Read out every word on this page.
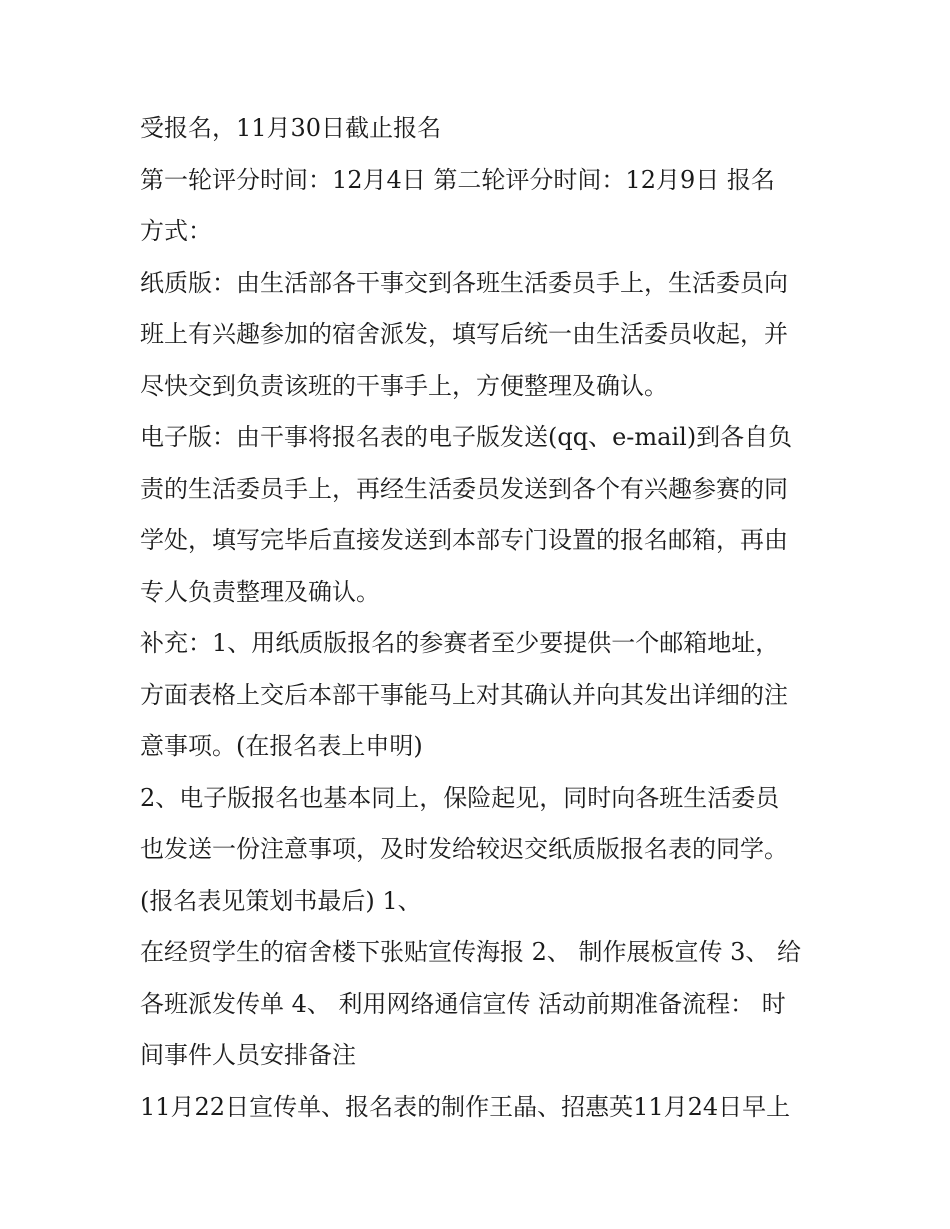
受报名，11月30日截止报名
第一轮评分时间：12月4日 第二轮评分时间：12月9日 报名
方式：
纸质版：由生活部各干事交到各班生活委员手上，生活委员向
班上有兴趣参加的宿舍派发，填写后统一由生活委员收起，并
尽快交到负责该班的干事手上，方便整理及确认。
电子版：由干事将报名表的电子版发送(qq、e-mail)到各自负
责的生活委员手上，再经生活委员发送到各个有兴趣参赛的同
学处，填写完毕后直接发送到本部专门设置的报名邮箱，再由
专人负责整理及确认。
补充：1、用纸质版报名的参赛者至少要提供一个邮箱地址，
方面表格上交后本部干事能马上对其确认并向其发出详细的注
意事项。(在报名表上申明)
2、电子版报名也基本同上，保险起见，同时向各班生活委员
也发送一份注意事项，及时发给较迟交纸质版报名表的同学。
(报名表见策划书最后) 1、
在经贸学生的宿舍楼下张贴宣传海报 2、 制作展板宣传 3、 给
各班派发传单 4、 利用网络通信宣传 活动前期准备流程： 时
间事件人员安排备注
11月22日宣传单、报名表的制作王晶、招惠英11月24日早上
